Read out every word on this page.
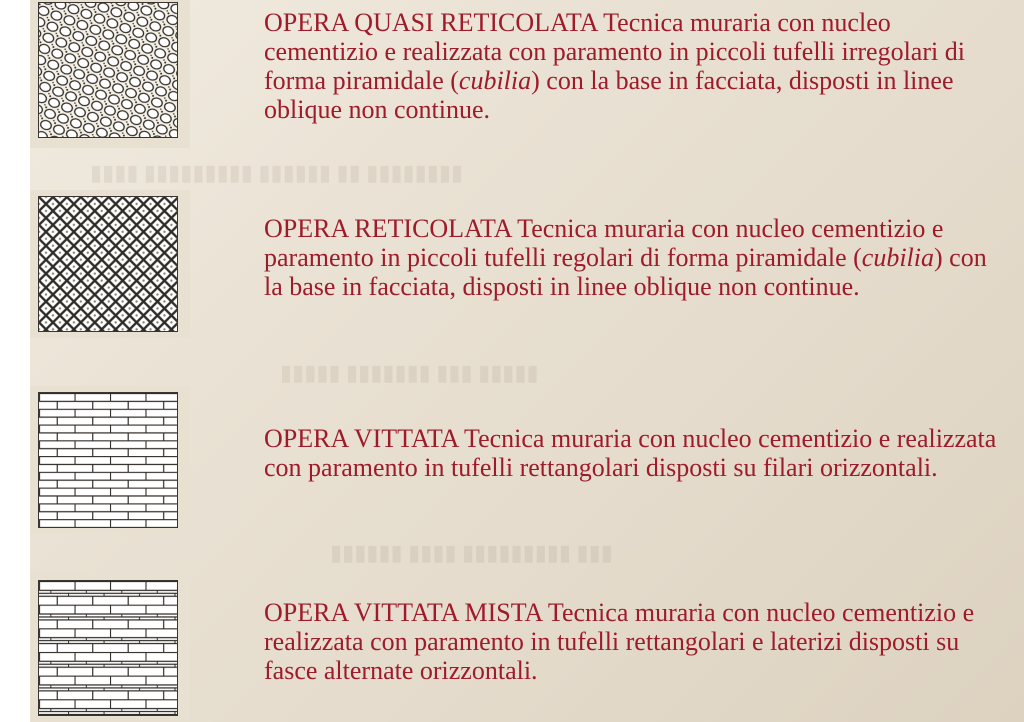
▮▮▮▮ ▮▮▮▮▮▮▮▮▮ ▮▮▮▮▮▮ ▮▮ ▮▮▮▮▮▮▮▮
▮▮▮▮▮ ▮▮▮▮▮▮▮ ▮▮▮ ▮▮▮▮▮
▮▮▮▮▮▮ ▮▮▮▮ ▮▮▮▮▮▮▮▮▮ ▮▮▮
OPERA QUASI RETICOLATA Tecnica muraria con nucleo cementizio e realizzata con paramento in piccoli tufelli irregolari di forma piramidale (cubilia) con la base in facciata, disposti in linee oblique non continue.
OPERA RETICOLATA Tecnica muraria con nucleo cementizio e paramento in piccoli tufelli regolari di forma piramidale (cubilia) con la base in facciata, disposti in linee oblique non continue.
OPERA VITTATA Tecnica muraria con nucleo cementizio e realizzata con paramento in tufelli rettangolari disposti su filari orizzontali.
OPERA VITTATA MISTA Tecnica muraria con nucleo cementizio e realizzata con paramento in tufelli rettangolari e laterizi disposti su fasce alternate orizzontali.
